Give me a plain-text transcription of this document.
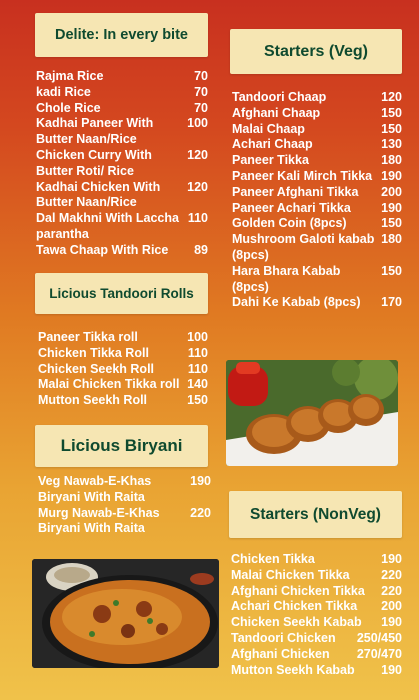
Delite: In every bite
Rajma Rice	70
kadi Rice	70
Chole Rice	70
Kadhai Paneer With
Butter Naan/Rice
100
Chicken Curry With
Butter Roti/ Rice
120
Kadhai Chicken With
Butter Naan/Rice
120
Dal Makhni With Laccha
parantha
110
Tawa Chaap With Rice	89
Licious Tandoori Rolls
Paneer Tikka roll	100
Chicken Tikka Roll	110
Chicken Seekh Roll	110
Malai Chicken Tikka roll 140
Mutton Seekh Roll	150
Licious Biryani
Veg Nawab-E-Khas
Biryani With Raita
190
Murg Nawab-E-Khas
Biryani With Raita
220
Starters (Veg)
Tandoori Chaap	120
Afghani Chaap	150
Malai Chaap	150
Achari Chaap	130
Paneer Tikka	180
Paneer Kali Mirch Tikka 190
Paneer Afghani Tikka	200
Paneer Achari Tikka	190
Golden Coin (8pcs)	150
Mushroom Galoti kabab
(8pcs)
180
Hara Bhara Kabab
(8pcs)
150
Dahi Ke Kabab (8pcs)	170
Starters (NonVeg)
Chicken Tikka	190
Malai Chicken Tikka	220
Afghani Chicken Tikka	220
Achari Chicken Tikka	200
Chicken Seekh Kabab	190
Tandoori Chicken	250/450
Afghani Chicken	270/470
Mutton Seekh Kabab	190
